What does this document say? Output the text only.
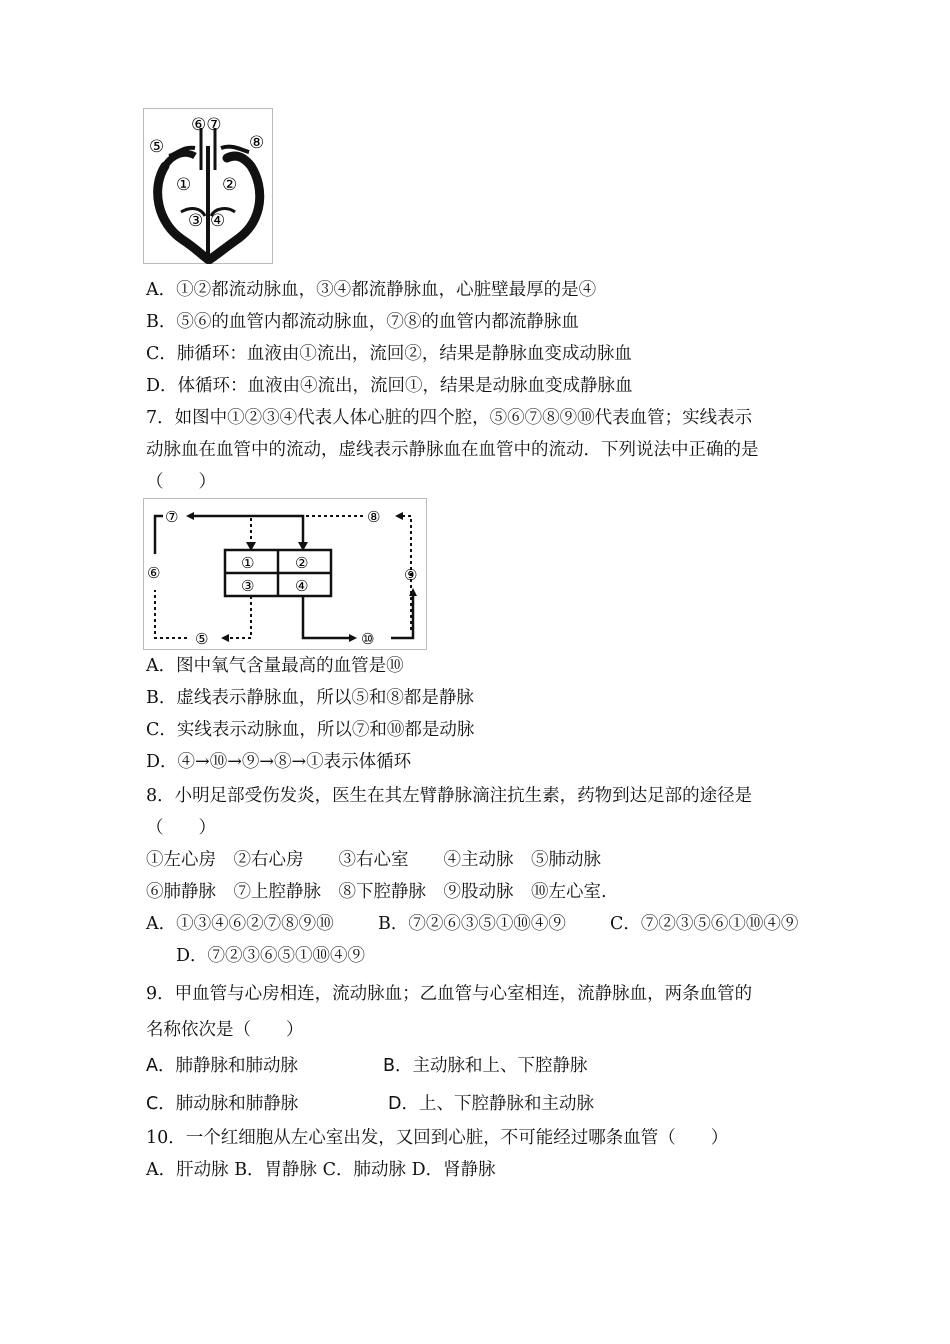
⑥⑦
⑤	⑧
① ②
③ ④
A．①②都流动脉血，③④都流静脉血，心脏壁最厚的是④
B．⑤⑥的血管内都流动脉血，⑦⑧的血管内都流静脉血
C．肺循环：血液由①流出，流回②，结果是静脉血变成动脉血
D．体循环：血液由④流出，流回①，结果是动脉血变成静脉血
7．如图中①②③④代表人体心脏的四个腔，⑤⑥⑦⑧⑨⑩代表血管；实线表示
动脉血在血管中的流动，虚线表示静脉血在血管中的流动．下列说法中正确的是
（　　）
①	②
③	④
⑦	⑧
⑥	⑨
⑤	⑩
A．图中氧气含量最高的血管是⑩
B．虚线表示静脉血，所以⑤和⑧都是静脉
C．实线表示动脉血，所以⑦和⑩都是动脉
D．④→⑩→⑨→⑧→①表示体循环
8．小明足部受伤发炎，医生在其左臂静脉滴注抗生素，药物到达足部的途径是
（　　）
①左心房　②右心房　　③右心室　　④主动脉　⑤肺动脉
⑥肺静脉　⑦上腔静脉　⑧下腔静脉　⑨股动脉　⑩左心室.
A．①③④⑥②⑦⑧⑨⑩	B．⑦②⑥③⑤①⑩④⑨	C．⑦②③⑤⑥①⑩④⑨
D．⑦②③⑥⑤①⑩④⑨
9．甲血管与心房相连，流动脉血；乙血管与心室相连，流静脉血，两条血管的
名称依次是（　　）
A．肺静脉和肺动脉	B．主动脉和上、下腔静脉
C．肺动脉和肺静脉	D．上、下腔静脉和主动脉
10．一个红细胞从左心室出发，又回到心脏，不可能经过哪条血管（　　）
A．肝动脉 B．胃静脉 C．肺动脉 D．肾静脉
